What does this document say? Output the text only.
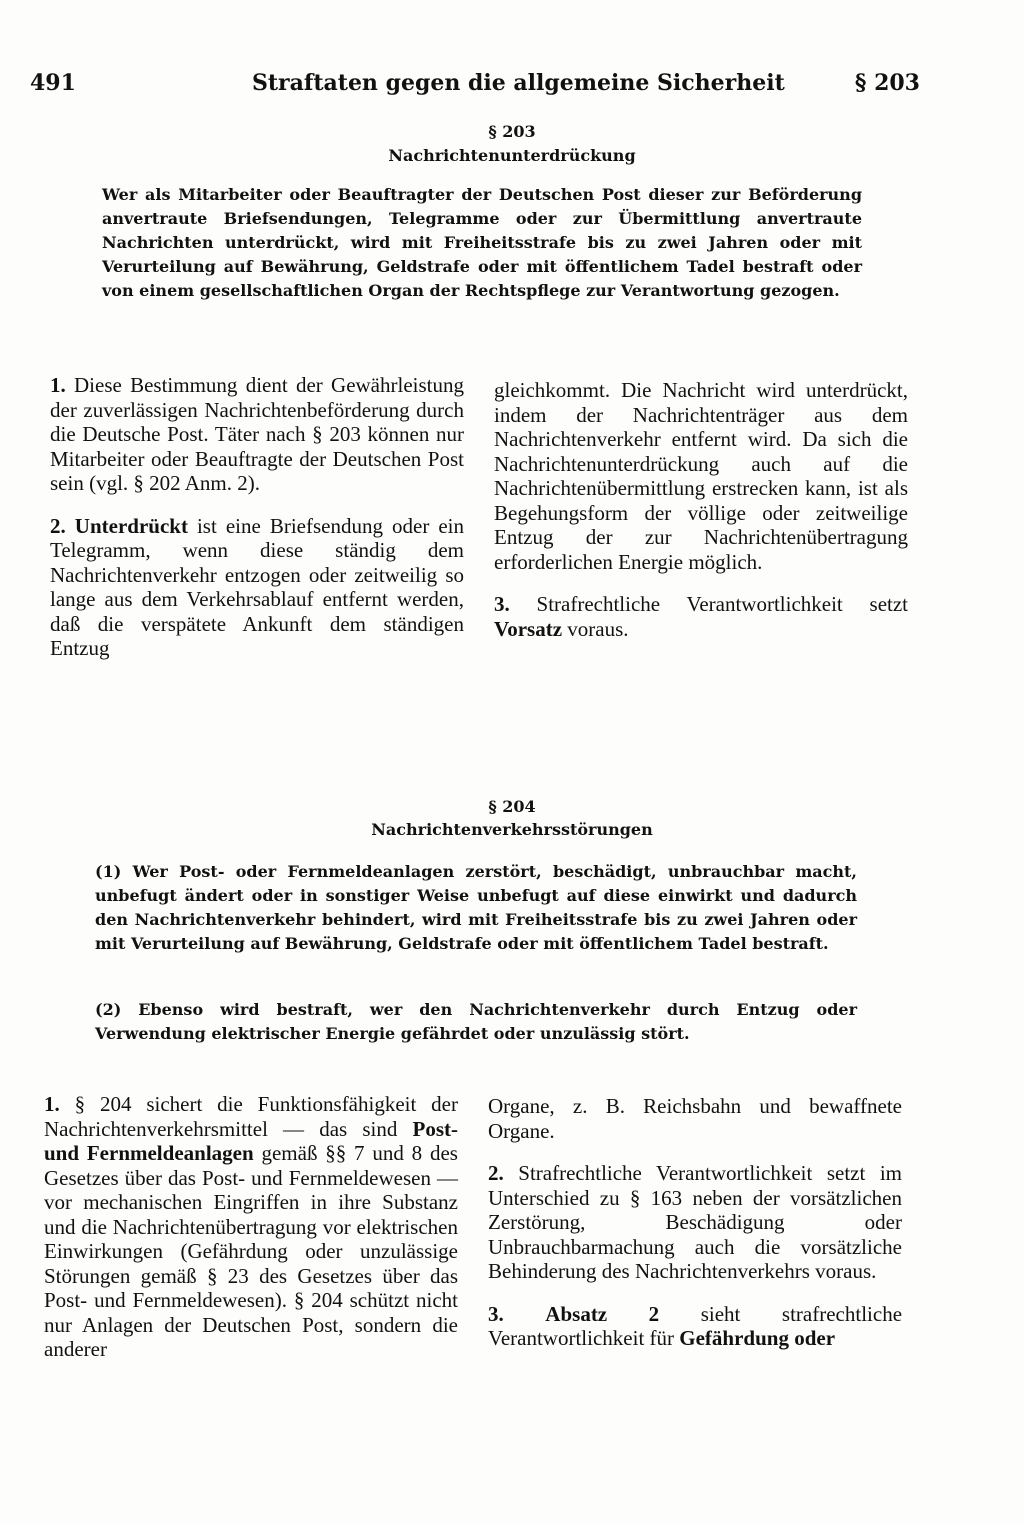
491	Straftaten gegen die allgemeine Sicherheit	§ 203
§ 203
Nachrichtenunterdrückung
Wer als Mitarbeiter oder Beauftragter der Deutschen Post dieser zur Beförderung anvertraute Briefsendungen, Telegramme oder zur Übermittlung anvertraute Nachrichten unterdrückt, wird mit Freiheitsstrafe bis zu zwei Jahren oder mit Verurteilung auf Bewährung, Geldstrafe oder mit öffentlichem Tadel bestraft oder von einem gesellschaftlichen Organ der Rechtspflege zur Verantwortung gezogen.

1. Diese Bestimmung dient der Gewährleistung der zuverlässigen Nachrichtenbeförderung durch die Deutsche Post. Täter nach § 203 können nur Mitarbeiter oder Beauftragte der Deutschen Post sein (vgl. § 202 Anm. 2).

2. Unterdrückt ist eine Briefsendung oder ein Telegramm, wenn diese ständig dem Nachrichtenverkehr entzogen oder zeitweilig so lange aus dem Verkehrsablauf entfernt werden, daß die verspätete Ankunft dem ständigen Entzug

gleichkommt. Die Nachricht wird unterdrückt, indem der Nachrichtenträger aus dem Nachrichtenverkehr entfernt wird. Da sich die Nachrichtenunterdrückung auch auf die Nachrichtenübermittlung erstrecken kann, ist als Begehungsform der völlige oder zeitweilige Entzug der zur Nachrichtenübertragung erforderlichen Energie möglich.

3. Strafrechtliche Verantwortlichkeit setzt Vorsatz voraus.

§ 204
Nachrichtenverkehrsstörungen
(1) Wer Post- oder Fernmeldeanlagen zerstört, beschädigt, unbrauchbar macht, unbefugt ändert oder in sonstiger Weise unbefugt auf diese einwirkt und dadurch den Nachrichtenverkehr behindert, wird mit Freiheitsstrafe bis zu zwei Jahren oder mit Verurteilung auf Bewährung, Geldstrafe oder mit öffentlichem Tadel bestraft.
(2) Ebenso wird bestraft, wer den Nachrichtenverkehr durch Entzug oder Verwendung elektrischer Energie gefährdet oder unzulässig stört.

1. § 204 sichert die Funktionsfähigkeit der Nachrichtenverkehrsmittel — das sind Post- und Fernmeldeanlagen gemäß §§ 7 und 8 des Gesetzes über das Post- und Fernmeldewesen — vor mechanischen Eingriffen in ihre Substanz und die Nachrichtenübertragung vor elektrischen Einwirkungen (Gefährdung oder unzulässige Störungen gemäß § 23 des Gesetzes über das Post- und Fernmeldewesen). § 204 schützt nicht nur Anlagen der Deutschen Post, sondern die anderer

Organe, z. B. Reichsbahn und bewaffnete Organe.

2. Strafrechtliche Verantwortlichkeit setzt im Unterschied zu § 163 neben der vorsätzlichen Zerstörung, Beschädigung oder Unbrauchbarmachung auch die vorsätzliche Behinderung des Nachrichtenverkehrs voraus.

3. Absatz 2 sieht strafrechtliche Verantwortlichkeit für Gefährdung oder
